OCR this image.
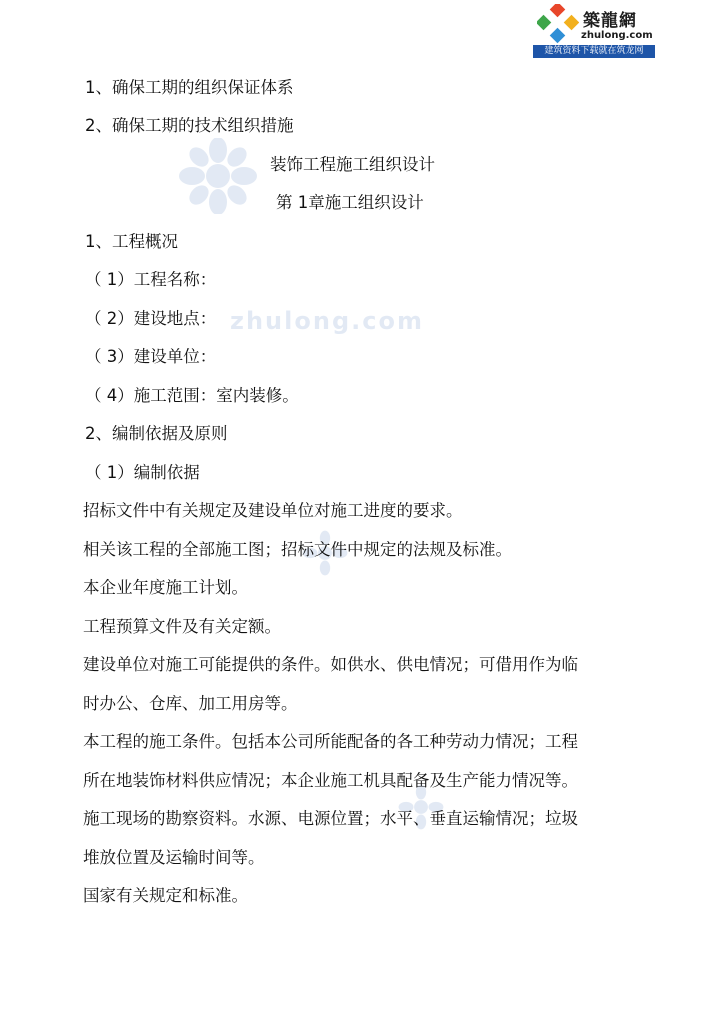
築龍網
zhulong.com
建筑资料下载就在筑龙网
zhulong.com
1、确保工期的组织保证体系
2、确保工期的技术组织措施
装饰工程施工组织设计
第 1章施工组织设计
1、工程概况
（ 1）工程名称：
（ 2）建设地点：
（ 3）建设单位：
（ 4）施工范围：室内装修。
2、编制依据及原则
（ 1）编制依据
招标文件中有关规定及建设单位对施工进度的要求。
相关该工程的全部施工图；招标文件中规定的法规及标准。
本企业年度施工计划。
工程预算文件及有关定额。
建设单位对施工可能提供的条件。如供水、供电情况；可借用作为临
时办公、仓库、加工用房等。
本工程的施工条件。包括本公司所能配备的各工种劳动力情况；工程
所在地装饰材料供应情况；本企业施工机具配备及生产能力情况等。
施工现场的勘察资料。水源、电源位置；水平、垂直运输情况；垃圾
堆放位置及运输时间等。
国家有关规定和标准。
